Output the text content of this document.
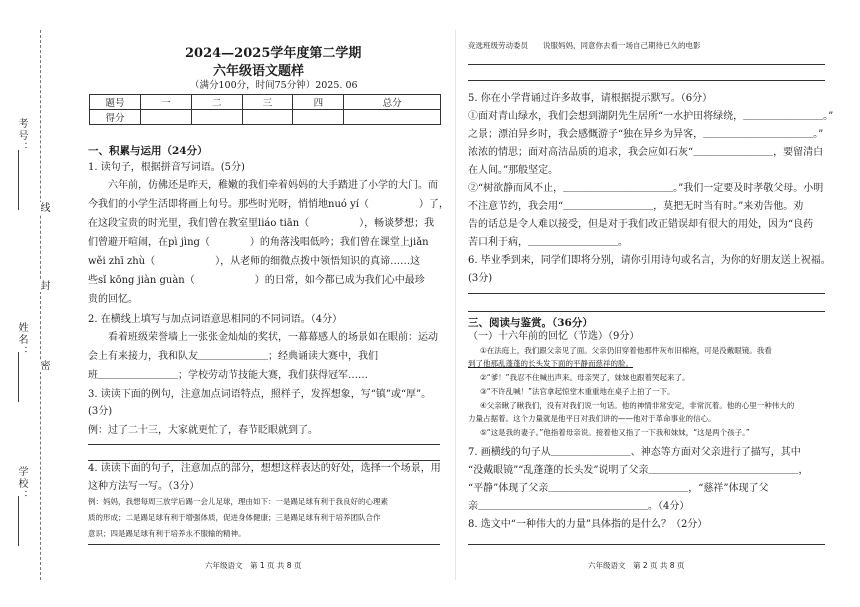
考号：
姓名：
学校：
线
封
密
2024—2025学年度第二学期
六年级语文题样
（满分100分，时间75分钟）2025. 06
题号	一	二	三	四	总分
得分					
一、积累与运用（24分）
1. 读句子，根据拼音写词语。(5分)
六年前，仿佛还是昨天，稚嫩的我们牵着妈妈的大手踏进了小学的大门。而
今我们的小学生活即将画上句号。那些时光呀，悄悄地nuó yí（　　　　　）了，
在这段宝贵的时光里，我们曾在教室里liáo tiān（　　　　　），畅谈梦想；我
们曾避开喧闹，在pì jìng（　　　　）的角落浅唱低吟；我们曾在课堂上jiǎn
wěi zhī zhù（　　　　　　），从老师的细微点拨中领悟知识的真谛……这
些sǐ kōng jiàn guàn（　　　　　　）的日常，如今都已成为我们心中最珍
贵的回忆。
2. 在横线上填写与加点词语意思相同的不同词语。（4分）
看着班级荣誉墙上一张张金灿灿的奖状，一幕幕感人的场景如在眼前：运动
会上有来接力，我和队友＿＿＿＿＿＿＿；经典诵读大赛中，我们
班＿＿＿＿＿＿＿＿；学校劳动节技能大赛，我们获得冠军……
3. 读读下面的例句，注意加点词语特点，照样子，发挥想象，写“镇”或“厚”。
(3分)
例：过了二十三，大家就更忙了，春节眨眼就到了。
4. 读读下面的句子，注意加点的部分，想想这样表达的好处，选择一个场景，用
这种方法写一写。（3分）
例：妈妈，我想每周三放学后踢一会儿足球，理由如下：一是踢足球有利于我良好的心理素
质的形成；二是踢足球有利于增强体质，促进身体健康；三是踢足球有利于培养团队合作
意识；四是踢足球有利于培养永不服输的精神。
六年级语文　第 1 页 共 8 页
竞选班级劳动委员　　说服妈妈，同意你去看一场自己期待已久的电影
5. 你在小学背诵过许多故事，请根据提示默写。（6分）
①面对青山绿水，我们会想到湖阴先生居所“一水护田将绿绕，＿＿＿＿＿＿＿＿。”
之景；漂泊异乡时，我会感慨游子“独在异乡为异客，＿＿＿＿＿＿＿＿＿＿＿。”
浓浓的情思；面对高洁品质的追求，我会应如石灰“＿＿＿＿＿＿＿＿，要留清白
在人间。”那般坚定。
②“树欲静而风不止，＿＿＿＿＿＿＿＿＿＿＿。”我们一定要及时孝敬父母。小明
不注意节约，我会用“＿＿＿＿＿＿＿＿＿，莫把无时当有时。”来劝告他。劝
告的话总是令人难以接受，但是对于我们改正错误却有很大的用处，因为“良药
苦口利于病，＿＿＿＿＿＿＿＿＿。
6. 毕业季到来，同学们即将分别，请你引用诗句或名言，为你的好朋友送上祝福。
(3分)
三、阅读与鉴赏。（36分）
（一）十六年前的回忆（节选）（9分）
①在法庭上，我们跟父亲见了面。父亲仍旧穿着他那件灰布旧棉袍，可是没戴眼镜。我看
到了他那乱蓬蓬的长头发下面的平静而慈祥的脸。
②“爹！”我忍不住喊出声来。母亲哭了，妹妹也跟着哭起来了。
③“不许乱喊！”法官拿起惊堂木重重地在桌子上拍了一下。
④父亲瞅了瞅我们，没有对我们说一句话。他的神情非常安定，非常沉着。他的心里一种伟大的
力量占据着。这个力量就是他平日对我们讲的——他对于革命事业的信心。
⑤“这是我的妻子。”他指着母亲说。接着他又指了一下我和妹妹，“这是两个孩子。”
7. 画横线的句子从＿＿＿＿＿＿＿＿、神态等方面对父亲进行了描写，其中
“没戴眼镜”“乱蓬蓬的长头发”说明了父亲＿＿＿＿＿＿＿＿＿＿＿＿＿＿＿，
“平静”体现了父亲＿＿＿＿＿＿＿＿＿＿＿＿＿＿，“慈祥”体现了父
亲＿＿＿＿＿＿＿＿＿＿＿＿＿＿＿＿＿。（4分）
8. 选文中“一种伟大的力量”具体指的是什么？（2分）
六年级语文　第 2 页 共 8 页
